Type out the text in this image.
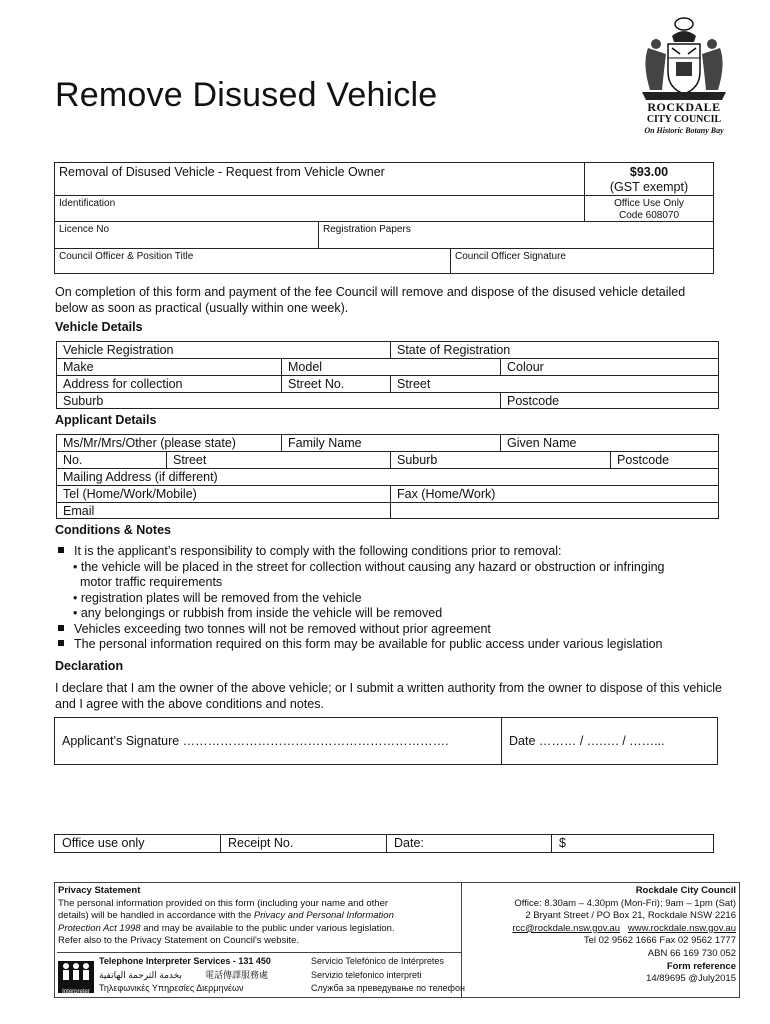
Remove Disused Vehicle	ROCKDALE
CITY COUNCIL
On Historic Botany Bay
Removal of Disused Vehicle - Request from Vehicle Owner	$93.00
(GST exempt)
Identification	Office Use Only
Code 608070
Licence No	Registration Papers
Council Officer & Position Title	Council Officer Signature
On completion of this form and payment of the fee Council will remove and dispose of the disused vehicle detailed below as soon as practical (usually within one week).
Vehicle Details
Vehicle Registration	State of Registration
Make	Model	Colour
Address for collection	Street No.	Street
Suburb	Postcode
Applicant Details
Ms/Mr/Mrs/Other (please state)	Family Name	Given Name
No.	Street	Suburb	Postcode
Mailing Address (if different)
Tel (Home/Work/Mobile)	Fax (Home/Work)
Email
Conditions & Notes
It is the applicant’s responsibility to comply with the following conditions prior to removal:
• the vehicle will be placed in the street for collection without causing any hazard or obstruction or infringing
motor traffic requirements
• registration plates will be removed from the vehicle
• any belongings or rubbish from inside the vehicle will be removed
Vehicles exceeding two tonnes will not be removed without prior agreement
The personal information required on this form may be available for public access under various legislation
Declaration
I declare that I am the owner of the above vehicle; or I submit a written authority from the owner to dispose of this vehicle and I agree with the above conditions and notes.
Applicant’s Signature ……………………………………………………….	Date ……… / ….…. / ……...
Office use only	Receipt No.	Date:	$
Privacy Statement
The personal information provided on this form (including your name and other
details) will be handled in accordance with the Privacy and Personal Information
Protection Act 1998 and may be available to the public under various legislation.
Refer also to the Privacy Statement on Council's website.
Interpreter
Telephone Interpreter Services - 131 450	Servicio Telefónico de Intérpretes
بخدمة الترجمة الهاتفية	電話傳譯服務處	Servizio telefonico interpreti
Τηλεφωνικές Υπηρεσίες Διερμηνέων	Служба за преведување по телефон
Rockdale City Council
Office: 8.30am – 4.30pm (Mon-Fri); 9am – 1pm (Sat)
2 Bryant Street / PO Box 21, Rockdale NSW 2216
rcc@rockdale.nsw.gov.au www.rockdale.nsw.gov.au
Tel 02 9562 1666 Fax 02 9562 1777
ABN 66 169 730 052
Form reference
14/89695 @July2015
